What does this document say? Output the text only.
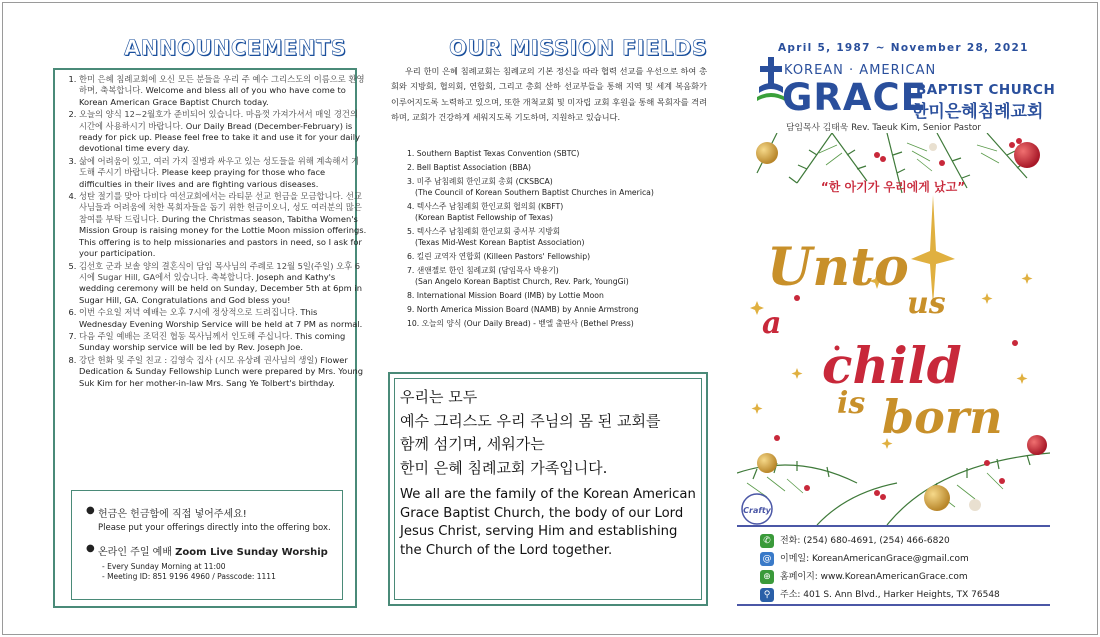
ANNOUNCEMENTS
1. 한미 은혜 침례교회에 오신 모든 분들을 우리 주 예수 그리스도의 이름으로 환영하며, 축복합니다. Welcome and bless all of you who have come to Korean American Grace Baptist Church today.
2. 오늘의 양식 12~2월호가 준비되어 있습니다. 마음껏 가져가셔서 매일 경건의 시간에 사용하시기 바랍니다. Our Daily Bread (December-February) is ready for pick up. Please feel free to take it and use it for your daily devotional time every day.
3. 삶에 어려움이 있고, 여러 가지 질병과 싸우고 있는 성도들을 위해 계속해서 기도해 주시기 바랍니다. Please keep praying for those who face difficulties in their lives and are fighting various diseases.
4. 성탄 절기를 맞아 다비다 여선교회에서는 라티문 선교 헌금을 모금합니다. 선교사님들과 어려움에 처한 목회자들을 돕기 위한 헌금이오니, 성도 여러분의 많은 참여를 부탁 드립니다. During the Christmas season, Tabitha Women's Mission Group is raising money for the Lottie Moon mission offerings. This offering is to help missionaries and pastors in need, so I ask for your participation.
5. 김선호 군과 보솔 양의 결혼식이 담임 목사님의 주례로 12월 5일(주일) 오후 6시에 Sugar Hill, GA에서 있습니다. 축복합니다. Joseph and Kathy's wedding ceremony will be held on Sunday, December 5th at 6pm in Sugar Hill, GA. Congratulations and God bless you!
6. 이번 수요일 저녁 예배는 오후 7시에 정상적으로 드려집니다. This Wednesday Evening Worship Service will be held at 7 PM as normal.
7. 다음 주일 예배는 조덕진 협동 목사님께서 인도해 주십니다. This coming Sunday worship service will be led by Rev. Joseph Joe.
8. 강단 헌화 및 주일 친교 : 김영숙 집사 (시모 유상례 권사님의 생일) Flower Dedication & Sunday Fellowship Lunch were prepared by Mrs. Young Suk Kim for her mother-in-law Mrs. Sang Ye Tolbert's birthday.
● 헌금은 헌금함에 직접 넣어주세요!
Please put your offerings directly into the offering box.
● 온라인 주일 예배 Zoom Live Sunday Worship
- Every Sunday Morning at 11:00
- Meeting ID: 851 9196 4960 / Passcode: 1111
OUR MISSION FIELDS
우리 한미 은혜 침례교회는 침례교의 기본 정신을 따라 협력 선교를 우선으로 하여 총회와 지방회, 협의회, 연합회, 그리고 총회 산하 선교부들을 통해 지역 및 세계 복음화가 이루어지도록 노력하고 있으며, 또한 개척교회 및 미자립 교회 후원을 통해 목회자를 격려하며, 교회가 건강하게 세워지도록 기도하며, 지원하고 있습니다.
1. Southern Baptist Texas Convention (SBTC)
2. Bell Baptist Association (BBA)
3. 미주 남침례회 한인교회 총회 (CKSBCA)
(The Council of Korean Southern Baptist Churches in America)
4. 텍사스주 남침례회 한인교회 협의회 (KBFT)
(Korean Baptist Fellowship of Texas)
5. 텍사스주 남침례회 한인교회 중서부 지방회
(Texas Mid-West Korean Baptist Association)
6. 킬린 교역자 연합회 (Killeen Pastors' Fellowship)
7. 샌앤젤로 한인 침례교회 (담임목사 박용기)
(San Angelo Korean Baptist Church, Rev. Park, YoungGi)
8. International Mission Board (IMB) by Lottie Moon
9. North America Mission Board (NAMB) by Annie Armstrong
10. 오늘의 양식 (Our Daily Bread) - 벧엘 출판사 (Bethel Press)
우리는 모두
예수 그리스도 우리 주님의 몸 된 교회를
함께 섬기며, 세워가는
한미 은혜 침례교회 가족입니다.
We all are the family of the Korean American Grace Baptist Church, the body of our Lord Jesus Christ, serving Him and establishing the Church of the Lord together.
April 5, 1987 ~ November 28, 2021
KOREAN · AMERICAN
GRACE
BAPTIST CHURCH
한미은혜침례교회
담임목사 김태욱 Rev. Taeuk Kim, Senior Pastor
“한 아기가 우리에게 났고”
Unto
us
a
child
is born
Crafty
✆ 전화: (254) 680-4691, (254) 466-6820
@ 이메일: KoreanAmericanGrace@gmail.com
⊕ 홈페이지: www.KoreanAmericanGrace.com
⚲ 주소: 401 S. Ann Blvd., Harker Heights, TX 76548
